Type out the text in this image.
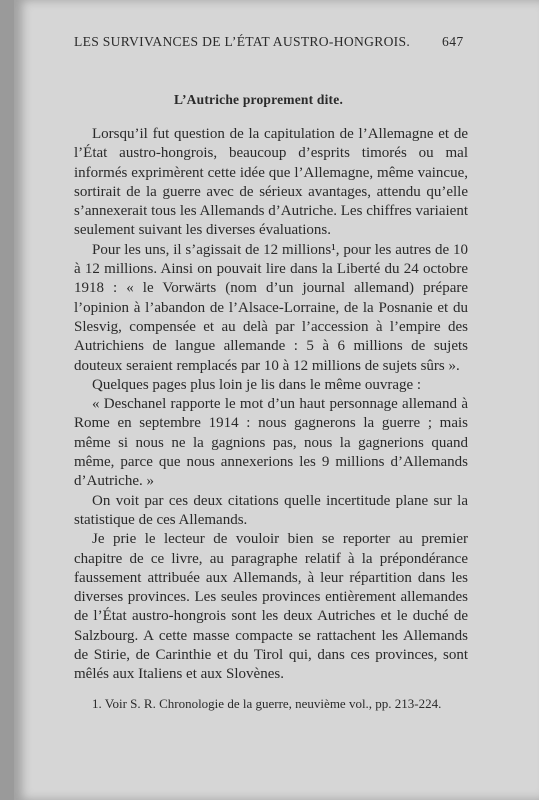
LES SURVIVANCES DE L’ÉTAT AUSTRO-HONGROIS.	647
L’Autriche proprement dite.

Lorsqu’il fut question de la capitulation de l’Allemagne et de l’État austro-hongrois, beaucoup d’esprits timorés ou mal informés exprimèrent cette idée que l’Allemagne, même vaincue, sortirait de la guerre avec de sérieux avantages, attendu qu’elle s’annexerait tous les Allemands d’Autriche. Les chiffres variaient seulement suivant les diverses évaluations.

Pour les uns, il s’agissait de 12 millions¹, pour les autres de 10 à 12 millions. Ainsi on pouvait lire dans la Liberté du 24 octobre 1918 : « le Vorwärts (nom d’un journal allemand) prépare l’opinion à l’abandon de l’Alsace-Lorraine, de la Posnanie et du Slesvig, compensée et au delà par l’accession à l’empire des Autrichiens de langue allemande : 5 à 6 millions de sujets douteux seraient remplacés par 10 à 12 millions de sujets sûrs ».

Quelques pages plus loin je lis dans le même ouvrage :

« Deschanel rapporte le mot d’un haut personnage allemand à Rome en septembre 1914 : nous gagnerons la guerre ; mais même si nous ne la gagnions pas, nous la gagnerions quand même, parce que nous annexerions les 9 millions d’Allemands d’Autriche. »

On voit par ces deux citations quelle incertitude plane sur la statistique de ces Allemands.

Je prie le lecteur de vouloir bien se reporter au premier chapitre de ce livre, au paragraphe relatif à la prépondérance faussement attribuée aux Allemands, à leur répartition dans les diverses provinces. Les seules provinces entièrement allemandes de l’État austro-hongrois sont les deux Autriches et le duché de Salzbourg. A cette masse compacte se rattachent les Allemands de Stirie, de Carinthie et du Tirol qui, dans ces provinces, sont mêlés aux Italiens et aux Slovènes.

1. Voir S. R. Chronologie de la guerre, neuvième vol., pp. 213-224.
